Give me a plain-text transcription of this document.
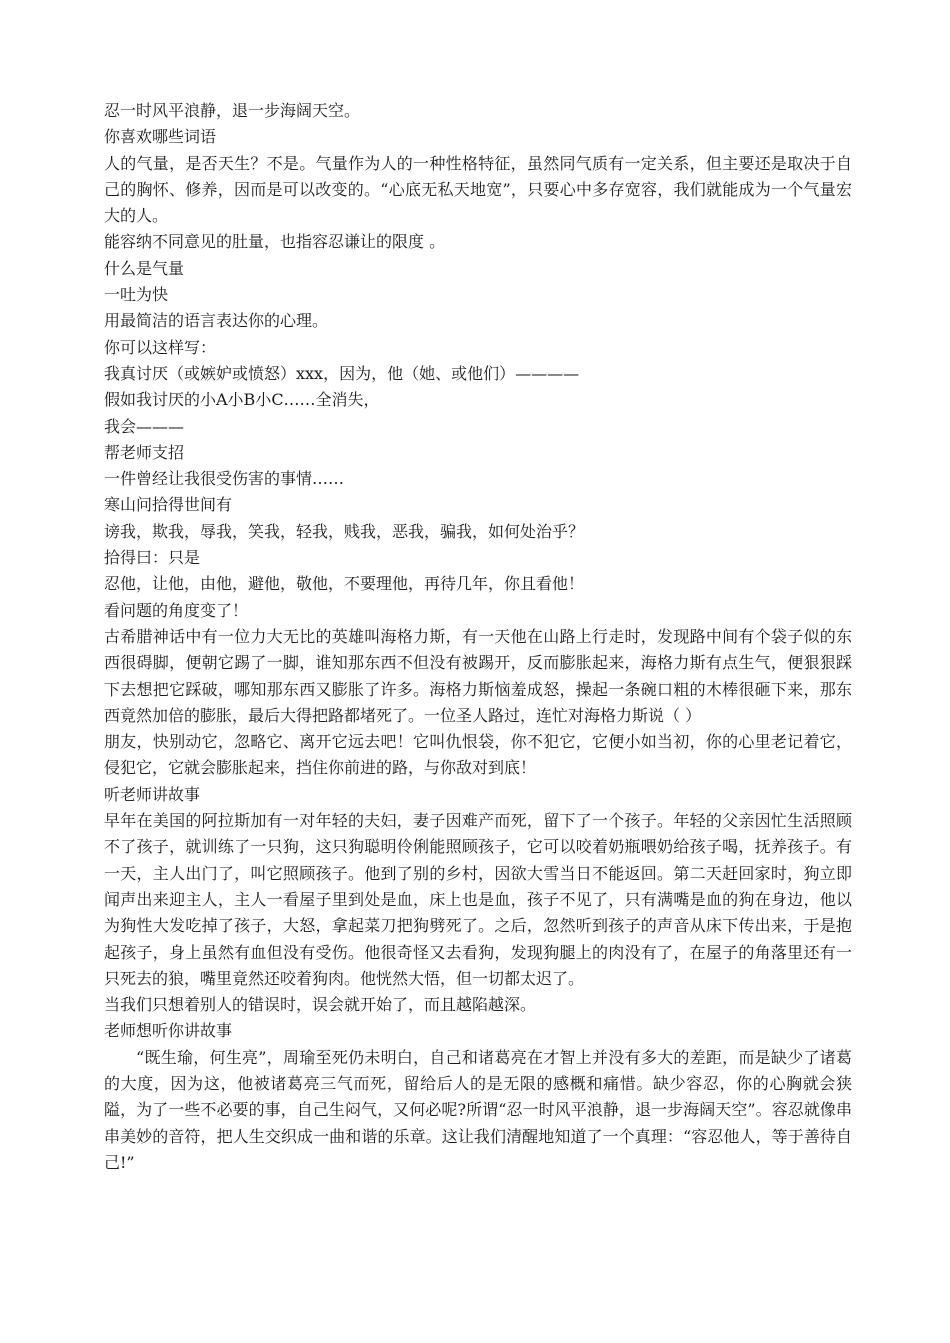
忍一时风平浪静，退一步海阔天空。

你喜欢哪些词语

人的气量，是否天生？不是。气量作为人的一种性格特征，虽然同气质有一定关系，但主要还是取决于自己的胸怀、修养，因而是可以改变的。“心底无私天地宽”，只要心中多存宽容，我们就能成为一个气量宏大的人。

能容纳不同意见的肚量，也指容忍谦让的限度 。

什么是气量

一吐为快

用最简洁的语言表达你的心理。

你可以这样写：

我真讨厌（或嫉妒或愤怒）xxx，因为，他（她、或他们）————

假如我讨厌的小A小B小C……全消失，

我会———

帮老师支招

一件曾经让我很受伤害的事情……

寒山问拾得世间有

谤我，欺我，辱我，笑我，轻我，贱我，恶我，骗我，如何处治乎？

拾得曰：只是

忍他，让他，由他，避他，敬他，不要理他，再待几年，你且看他！

看问题的角度变了！

古希腊神话中有一位力大无比的英雄叫海格力斯，有一天他在山路上行走时，发现路中间有个袋子似的东西很碍脚，便朝它踢了一脚，谁知那东西不但没有被踢开，反而膨胀起来，海格力斯有点生气，便狠狠踩下去想把它踩破，哪知那东西又膨胀了许多。海格力斯恼羞成怒，操起一条碗口粗的木棒很砸下来，那东西竟然加倍的膨胀，最后大得把路都堵死了。一位圣人路过，连忙对海格力斯说（ ）

朋友，快别动它，忽略它、离开它远去吧！它叫仇恨袋，你不犯它，它便小如当初，你的心里老记着它，侵犯它，它就会膨胀起来，挡住你前进的路，与你敌对到底！

听老师讲故事

早年在美国的阿拉斯加有一对年轻的夫妇，妻子因难产而死，留下了一个孩子。年轻的父亲因忙生活照顾不了孩子，就训练了一只狗，这只狗聪明伶俐能照顾孩子，它可以咬着奶瓶喂奶给孩子喝，抚养孩子。有一天，主人出门了，叫它照顾孩子。他到了别的乡村，因欲大雪当日不能返回。第二天赶回家时，狗立即闻声出来迎主人，主人一看屋子里到处是血，床上也是血，孩子不见了，只有满嘴是血的狗在身边，他以为狗性大发吃掉了孩子，大怒，拿起菜刀把狗劈死了。之后，忽然听到孩子的声音从床下传出来，于是抱起孩子，身上虽然有血但没有受伤。他很奇怪又去看狗，发现狗腿上的肉没有了，在屋子的角落里还有一只死去的狼，嘴里竟然还咬着狗肉。他恍然大悟，但一切都太迟了。

当我们只想着别人的错误时，误会就开始了，而且越陷越深。

老师想听你讲故事

“既生瑜，何生亮”，周瑜至死仍未明白，自己和诸葛亮在才智上并没有多大的差距，而是缺少了诸葛的大度，因为这，他被诸葛亮三气而死，留给后人的是无限的感概和痛惜。缺少容忍，你的心胸就会狭隘，为了一些不必要的事，自己生闷气，又何必呢?所谓“忍一时风平浪静，退一步海阔天空”。容忍就像串串美妙的音符，把人生交织成一曲和谐的乐章。这让我们清醒地知道了一个真理：“容忍他人，等于善待自己!”
